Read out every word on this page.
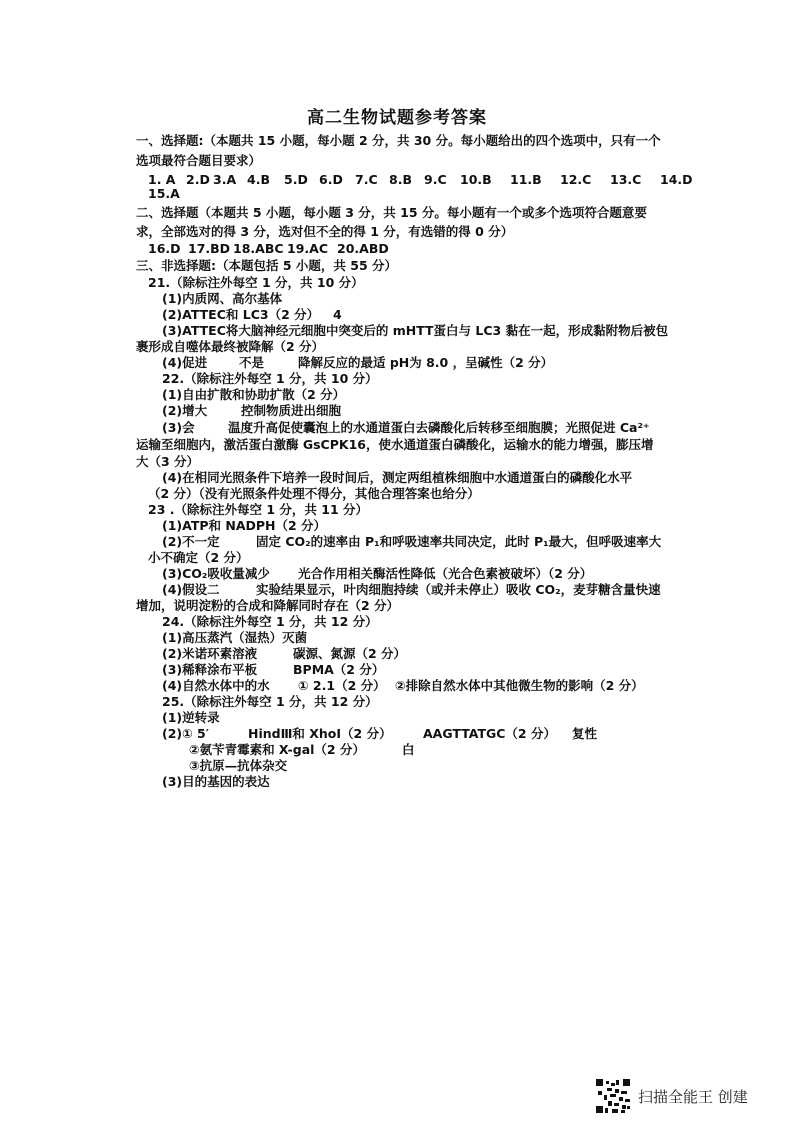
高二生物试题参考答案
一、选择题:（本题共 15 小题，每小题 2 分，共 30 分。每小题给出的四个选项中，只有一个
选项最符合题目要求）
1. A 2.D 3.A 4.B 5.D 6.D 7.C 8.B 9.C 10.B 11.B 12.C 13.C 14.D
15.A
二、选择题（本题共 5 小题，每小题 3 分，共 15 分。每小题有一个或多个选项符合题意要
求，全部选对的得 3 分，选对但不全的得 1 分，有选错的得 0 分）
16.D 17.BD 18.ABC 19.AC 20.ABD
三、非选择题:（本题包括 5 小题，共 55 分）
21.（除标注外每空 1 分，共 10 分）
(1)内质网、高尔基体
(2)ATTEC和 LC3（2 分） 4
(3)ATTEC将大脑神经元细胞中突变后的 mHTT蛋白与 LC3 黏在一起，形成黏附物后被包
裹形成自噬体最终被降解（2 分）
(4)促进	不是	降解反应的最适 pH为 8.0 ，呈碱性（2 分）
22.（除标注外每空 1 分，共 10 分）
(1)自由扩散和协助扩散（2 分）
(2)增大	控制物质进出细胞
(3)会	温度升高促使囊泡上的水通道蛋白去磷酸化后转移至细胞膜；光照促进 Ca²⁺
运输至细胞内，激活蛋白激酶 GsCPK16，使水通道蛋白磷酸化，运输水的能力增强，膨压增
大（3 分）
(4)在相同光照条件下培养一段时间后，测定两组植株细胞中水通道蛋白的磷酸化水平
（2 分）（没有光照条件处理不得分，其他合理答案也给分）
23 .（除标注外每空 1 分，共 11 分）
(1)ATP和 NADPH（2 分）
(2)不一定	固定 CO₂的速率由 P₁和呼吸速率共同决定，此时 P₁最大，但呼吸速率大
小不确定（2 分）
(3)CO₂吸收量减少 光合作用相关酶活性降低（光合色素被破坏）（2 分）
(4)假设二	实验结果显示，叶肉细胞持续（或并未停止）吸收 CO₂，麦芽糖含量快速
增加，说明淀粉的合成和降解同时存在（2 分）
24.（除标注外每空 1 分，共 12 分）
(1)高压蒸汽（湿热）灭菌
(2)米诺环素溶液	碳源、氮源（2 分）
(3)稀释涂布平板	BPMA（2 分）
(4)自然水体中的水 ① 2.1（2 分） ②排除自然水体中其他微生物的影响（2 分）
25.（除标注外每空 1 分，共 12 分）
(1)逆转录
(2)① 5′	HindⅢ和 XhoⅠ（2 分）	AAGTTATGC（2 分） 复性
②氨苄青霉素和 X-gal（2 分）	白
③抗原—抗体杂交
(3)目的基因的表达
扫描全能王 创建
